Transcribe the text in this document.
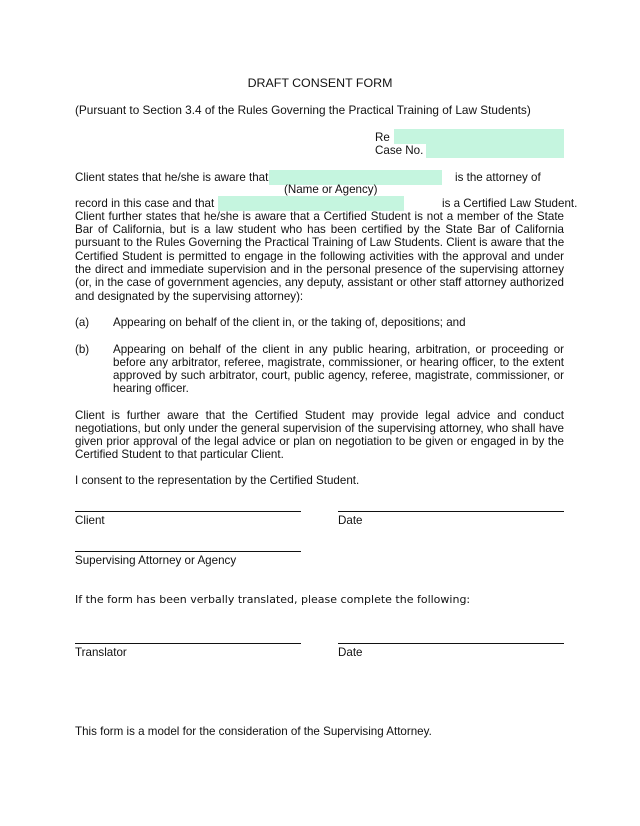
DRAFT CONSENT FORM
(Pursuant to Section 3.4 of the Rules Governing the Practical Training of Law Students)
Re
Case No.
Client states that he/she is aware that	is the attorney of
(Name or Agency)
record in this case and that	is a Certified Law Student.
Client further states that he/she is aware that a Certified Student is not a member of the State
Bar of California, but is a law student who has been certified by the State Bar of California
pursuant to the Rules Governing the Practical Training of Law Students. Client is aware that the
Certified Student is permitted to engage in the following activities with the approval and under
the direct and immediate supervision and in the personal presence of the supervising attorney
(or, in the case of government agencies, any deputy, assistant or other staff attorney authorized
and designated by the supervising attorney):
(a) Appearing on behalf of the client in, or the taking of, depositions; and
(b) Appearing on behalf of the client in any public hearing, arbitration, or proceeding or
before any arbitrator, referee, magistrate, commissioner, or hearing officer, to the extent
approved by such arbitrator, court, public agency, referee, magistrate, commissioner, or
hearing officer.
Client is further aware that the Certified Student may provide legal advice and conduct
negotiations, but only under the general supervision of the supervising attorney, who shall have
given prior approval of the legal advice or plan on negotiation to be given or engaged in by the
Certified Student to that particular Client.
I consent to the representation by the Certified Student.
Client	Date
Supervising Attorney or Agency
If the form has been verbally translated, please complete the following:
Translator	Date
This form is a model for the consideration of the Supervising Attorney.
